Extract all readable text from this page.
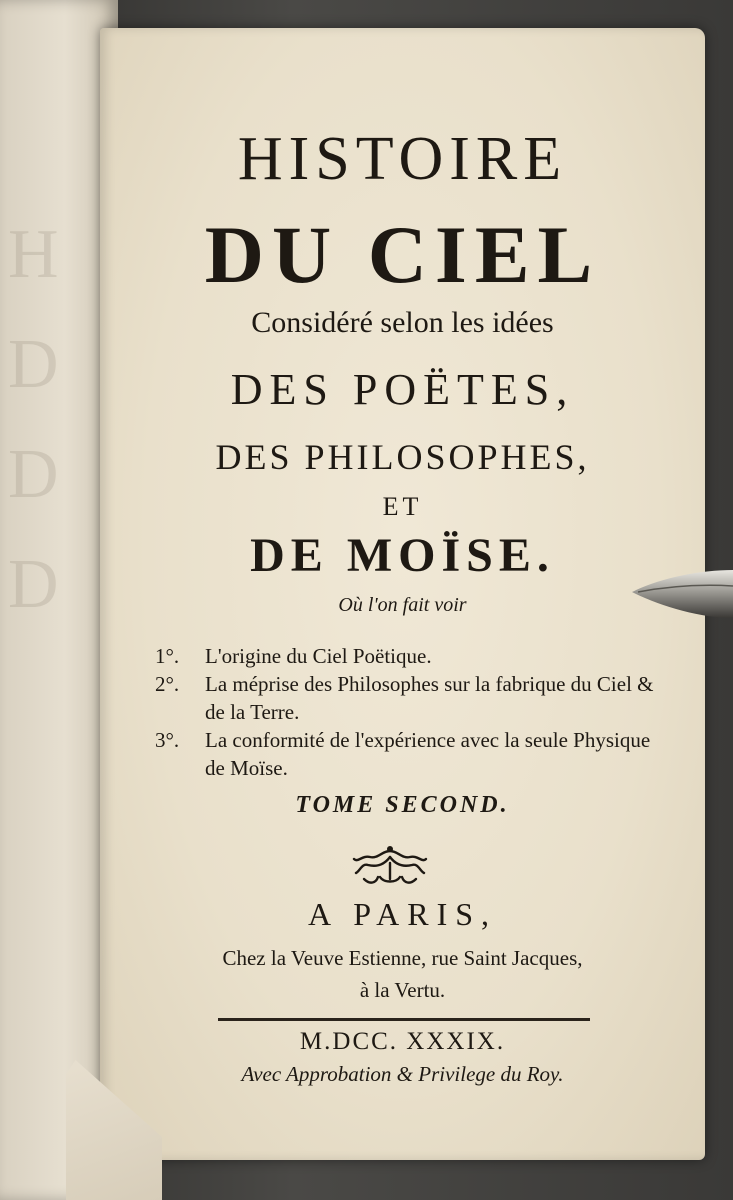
H
D
D
D
HISTOIRE
DU CIEL
Considéré selon les idées
DES POËTES,
DES PHILOSOPHES,
ET
DE MOÏSE.
Où l'on fait voir
1°.	L'origine du Ciel Poëtique.
2°.	La méprise des Philosophes sur la fabrique du Ciel & de la Terre.
3°.	La conformité de l'expérience avec la seule Physique de Moïse.
TOME SECOND.
A PARIS,
Chez la Veuve Estienne, rue Saint Jacques,
à la Vertu.
M.DCC. XXXIX.
Avec Approbation & Privilege du Roy.
